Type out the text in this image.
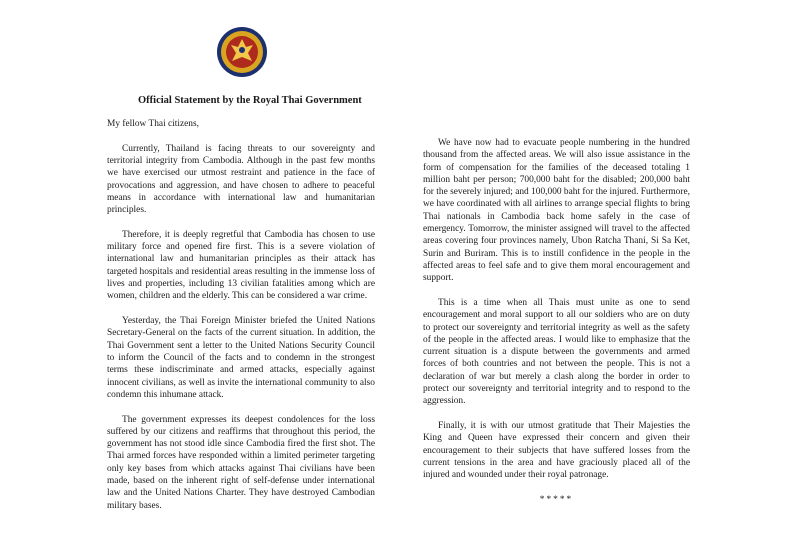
Official Statement by the Royal Thai Government

My fellow Thai citizens,

Currently, Thailand is facing threats to our sovereignty and territorial integrity from Cambodia. Although in the past few months we have exercised our utmost restraint and patience in the face of provocations and aggression, and have chosen to adhere to peaceful means in accordance with international law and humanitarian principles.

Therefore, it is deeply regretful that Cambodia has chosen to use military force and opened fire first. This is a severe violation of international law and humanitarian principles as their attack has targeted hospitals and residential areas resulting in the immense loss of lives and properties, including 13 civilian fatalities among which are women, children and the elderly. This can be considered a war crime.

Yesterday, the Thai Foreign Minister briefed the United Nations Secretary-General on the facts of the current situation. In addition, the Thai Government sent a letter to the United Nations Security Council to inform the Council of the facts and to condemn in the strongest terms these indiscriminate and armed attacks, especially against innocent civilians, as well as invite the international community to also condemn this inhumane attack.

The government expresses its deepest condolences for the loss suffered by our citizens and reaffirms that throughout this period, the government has not stood idle since Cambodia fired the first shot. The Thai armed forces have responded within a limited perimeter targeting only key bases from which attacks against Thai civilians have been made, based on the inherent right of self-defense under international law and the United Nations Charter. They have destroyed Cambodian military bases.

We have now had to evacuate people numbering in the hundred thousand from the affected areas. We will also issue assistance in the form of compensation for the families of the deceased totaling 1 million baht per person; 700,000 baht for the disabled; 200,000 baht for the severely injured; and 100,000 baht for the injured. Furthermore, we have coordinated with all airlines to arrange special flights to bring Thai nationals in Cambodia back home safely in the case of emergency. Tomorrow, the minister assigned will travel to the affected areas covering four provinces namely, Ubon Ratcha Thani, Si Sa Ket, Surin and Buriram. This is to instill confidence in the people in the affected areas to feel safe and to give them moral encouragement and support.

This is a time when all Thais must unite as one to send encouragement and moral support to all our soldiers who are on duty to protect our sovereignty and territorial integrity as well as the safety of the people in the affected areas. I would like to emphasize that the current situation is a dispute between the governments and armed forces of both countries and not between the people. This is not a declaration of war but merely a clash along the border in order to protect our sovereignty and territorial integrity and to respond to the aggression.

Finally, it is with our utmost gratitude that Their Majesties the King and Queen have expressed their concern and given their encouragement to their subjects that have suffered losses from the current tensions in the area and have graciously placed all of the injured and wounded under their royal patronage.

*****
